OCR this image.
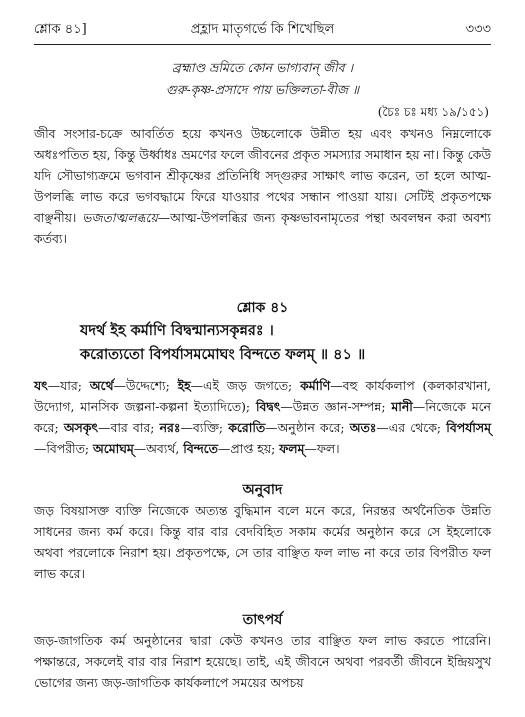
শ্লোক ৪১]	প্রহ্লাদ মাতৃগর্ভে কি শিখেছিল	৩৩৩
ব্রহ্মাণ্ড ভ্রমিতে কোন ভাগ্যবান্ জীব ।
গুরু-কৃষ্ণ-প্রসাদে পায় ভক্তিলতা-বীজ ॥
(চৈঃ চঃ মধ্য ১৯/১৫১)
জীব সংসার-চক্রে আবর্তিত হয়ে কখনও উচ্চলোকে উন্নীত হয় এবং কখনও নিম্নলোকে অধঃপতিত হয়, কিন্তু উর্ধ্বাধঃ ভ্রমণের ফলে জীবনের প্রকৃত সমস্যার সমাধান হয় না। কিন্তু কেউ যদি সৌভাগ্যক্রমে ভগবান শ্রীকৃষ্ণের প্রতিনিধি সদ্গুরুর সাক্ষাৎ লাভ করেন, তা হলে আত্ম-উপলব্ধি লাভ করে ভগবদ্ধামে ফিরে যাওয়ার পথের সন্ধান পাওয়া যায়। সেটিই প্রকৃতপক্ষে বাঞ্ছনীয়। ভজতাত্মলব্ধয়ে—আত্ম-উপলব্ধির জন্য কৃষ্ণভাবনামৃতের পন্থা অবলম্বন করা অবশ্য কর্তব্য।
শ্লোক ৪১
যদর্থ ইহ কর্মাণি বিদ্বন্মান্যসকৃন্নরঃ ।
করোত্যতো বিপর্যাসমমোঘং বিন্দতে ফলম্ ॥ ৪১ ॥
যৎ—যার; অর্থে—উদ্দেশ্যে; ইহ—এই জড় জগতে; কর্মাণি—বহু কার্যকলাপ (কলকারখানা, উদ্যোগ, মানসিক জল্পনা-কল্পনা ইত্যাদিতে); বিদ্বৎ—উন্নত জ্ঞান-সম্পন্ন; মানী—নিজেকে মনে করে; অসকৃৎ—বার বার; নরঃ—ব্যক্তি; করোতি—অনুষ্ঠান করে; অতঃ—এর থেকে; বিপর্যাসম্—বিপরীত; অমোঘম্—অব্যর্থ, বিন্দতে—প্রাপ্ত হয়; ফলম্—ফল।
অনুবাদ
জড় বিষয়াসক্ত ব্যক্তি নিজেকে অত্যন্ত বুদ্ধিমান বলে মনে করে, নিরন্তর অর্থনৈতিক উন্নতি সাধনের জন্য কর্ম করে। কিন্তু বার বার বেদবিহিত সকাম কর্মের অনুষ্ঠান করে সে ইহলোকে অথবা পরলোকে নিরাশ হয়। প্রকৃতপক্ষে, সে তার বাঞ্ছিত ফল লাভ না করে তার বিপরীত ফল লাভ করে।
তাৎপর্য
জড়-জাগতিক কর্ম অনুষ্ঠানের দ্বারা কেউ কখনও তার বাঞ্ছিত ফল লাভ করতে পারেনি। পক্ষান্তরে, সকলেই বার বার নিরাশ হয়েছে। তাই, এই জীবনে অথবা পরবর্তী জীবনে ইন্দ্রিয়সুখ ভোগের জন্য জড়-জাগতিক কার্যকলাপে সময়ের অপচয়
